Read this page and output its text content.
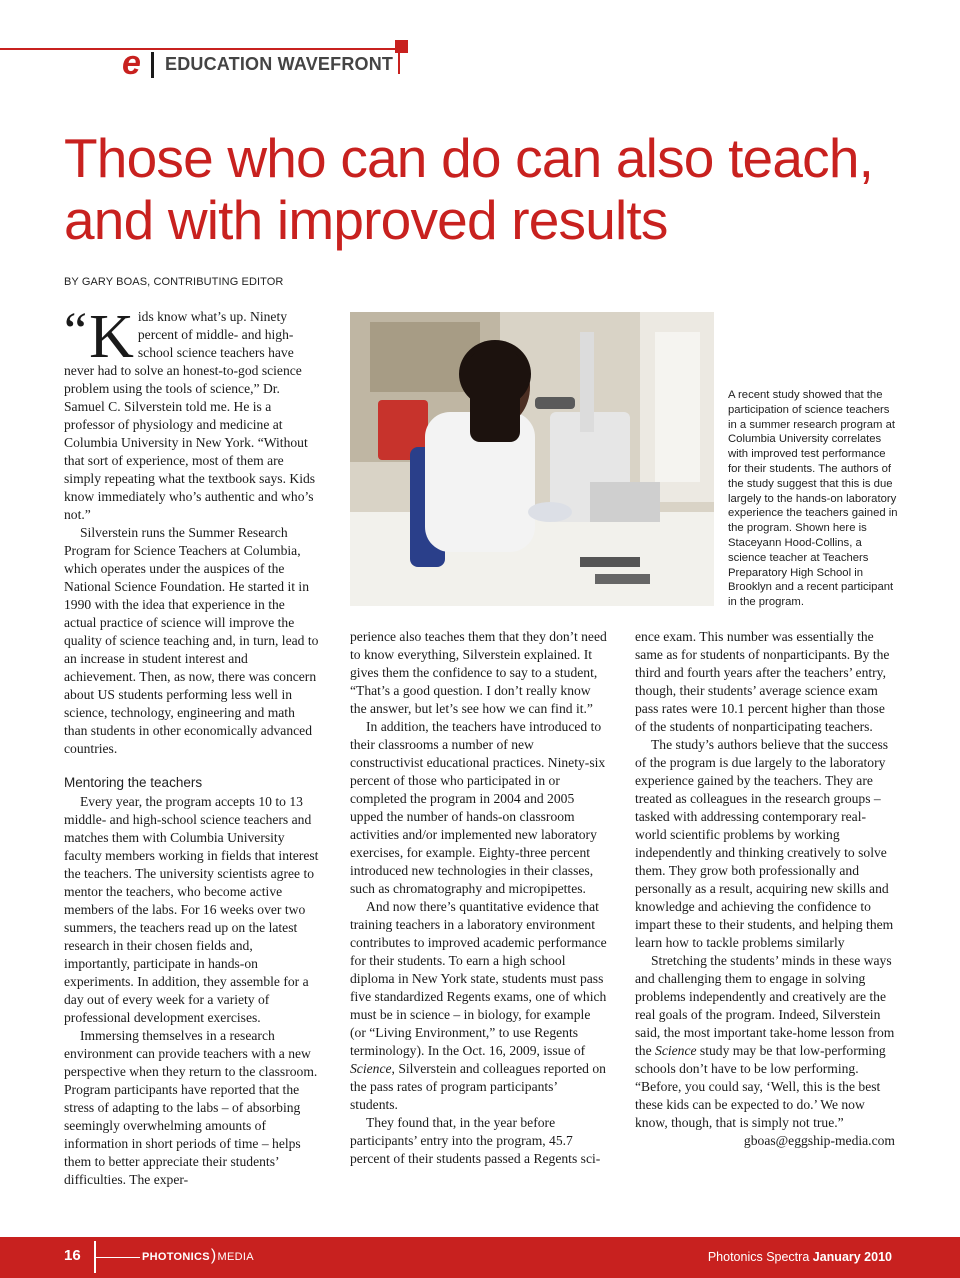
e EDUCATION WAVEFRONT
Those who can do can also teach,
and with improved results
BY GARY BOAS, CONTRIBUTING EDITOR

“ K ids know what’s up. Ninety percent of middle- and high-school science teachers have never had to solve an honest-to-god science problem using the tools of science,” Dr. Samuel C. Silverstein told me. He is a professor of physiology and medicine at Columbia University in New York. “Without that sort of experience, most of them are simply repeating what the textbook says. Kids know immediately who’s authentic and who’s not.”

Silverstein runs the Summer Research Program for Science Teachers at Columbia, which operates under the auspices of the National Science Foundation. He started it in 1990 with the idea that experience in the actual practice of science will improve the quality of science teaching and, in turn, lead to an increase in student interest and achievement. Then, as now, there was concern about US students performing less well in science, technology, engineering and math than students in other economically advanced countries.

Mentoring the teachers

Every year, the program accepts 10 to 13 middle- and high-school science teachers and matches them with Columbia University faculty members working in fields that interest the teachers. The university scientists agree to mentor the teachers, who become active members of the labs. For 16 weeks over two summers, the teachers read up on the latest research in their chosen fields and, importantly, participate in hands-on experiments. In addition, they assemble for a day out of every week for a variety of professional development exercises.

Immersing themselves in a research environment can provide teachers with a new perspective when they return to the classroom. Program participants have reported that the stress of adapting to the labs – of absorbing seemingly overwhelming amounts of information in short periods of time – helps them to better appreciate their students’ difficulties. The exper-

A recent study showed that the participation of science teachers in a summer research program at Columbia University correlates with improved test performance for their students. The authors of the study suggest that this is due largely to the hands-on laboratory experience the teachers gained in the program. Shown here is Staceyann Hood-Collins, a science teacher at Teachers Preparatory High School in Brooklyn and a recent participant in the program.

perience also teaches them that they don’t need to know everything, Silverstein explained. It gives them the confidence to say to a student, “That’s a good question. I don’t really know the answer, but let’s see how we can find it.”

In addition, the teachers have introduced to their classrooms a number of new constructivist educational practices. Ninety-six percent of those who participated in or completed the program in 2004 and 2005 upped the number of hands-on classroom activities and/or implemented new laboratory exercises, for example. Eighty-three percent introduced new technologies in their classes, such as chromatography and micropipettes.

And now there’s quantitative evidence that training teachers in a laboratory environment contributes to improved academic performance for their students. To earn a high school diploma in New York state, students must pass five standardized Regents exams, one of which must be in science – in biology, for example (or “Living Environment,” to use Regents terminology). In the Oct. 16, 2009, issue of Science, Silverstein and colleagues reported on the pass rates of program participants’ students.

They found that, in the year before participants’ entry into the program, 45.7 percent of their students passed a Regents sci-

ence exam. This number was essentially the same as for students of nonparticipants. By the third and fourth years after the teachers’ entry, though, their students’ average science exam pass rates were 10.1 percent higher than those of the students of nonparticipating teachers.

The study’s authors believe that the success of the program is due largely to the laboratory experience gained by the teachers. They are treated as colleagues in the research groups – tasked with addressing contemporary real-world scientific problems by working independently and thinking creatively to solve them. They grow both professionally and personally as a result, acquiring new skills and knowledge and achieving the confidence to impart these to their students, and helping them learn how to tackle problems similarly

Stretching the students’ minds in these ways and challenging them to engage in solving problems independently and creatively are the real goals of the program. Indeed, Silverstein said, the most important take-home lesson from the Science study may be that low-performing schools don’t have to be low performing. “Before, you could say, ‘Well, this is the best these kids can be expected to do.’ We now know, though, that is simply not true.”

gboas@eggship-media.com

16	PHOTONICS)MEDIA	Photonics Spectra January 2010
